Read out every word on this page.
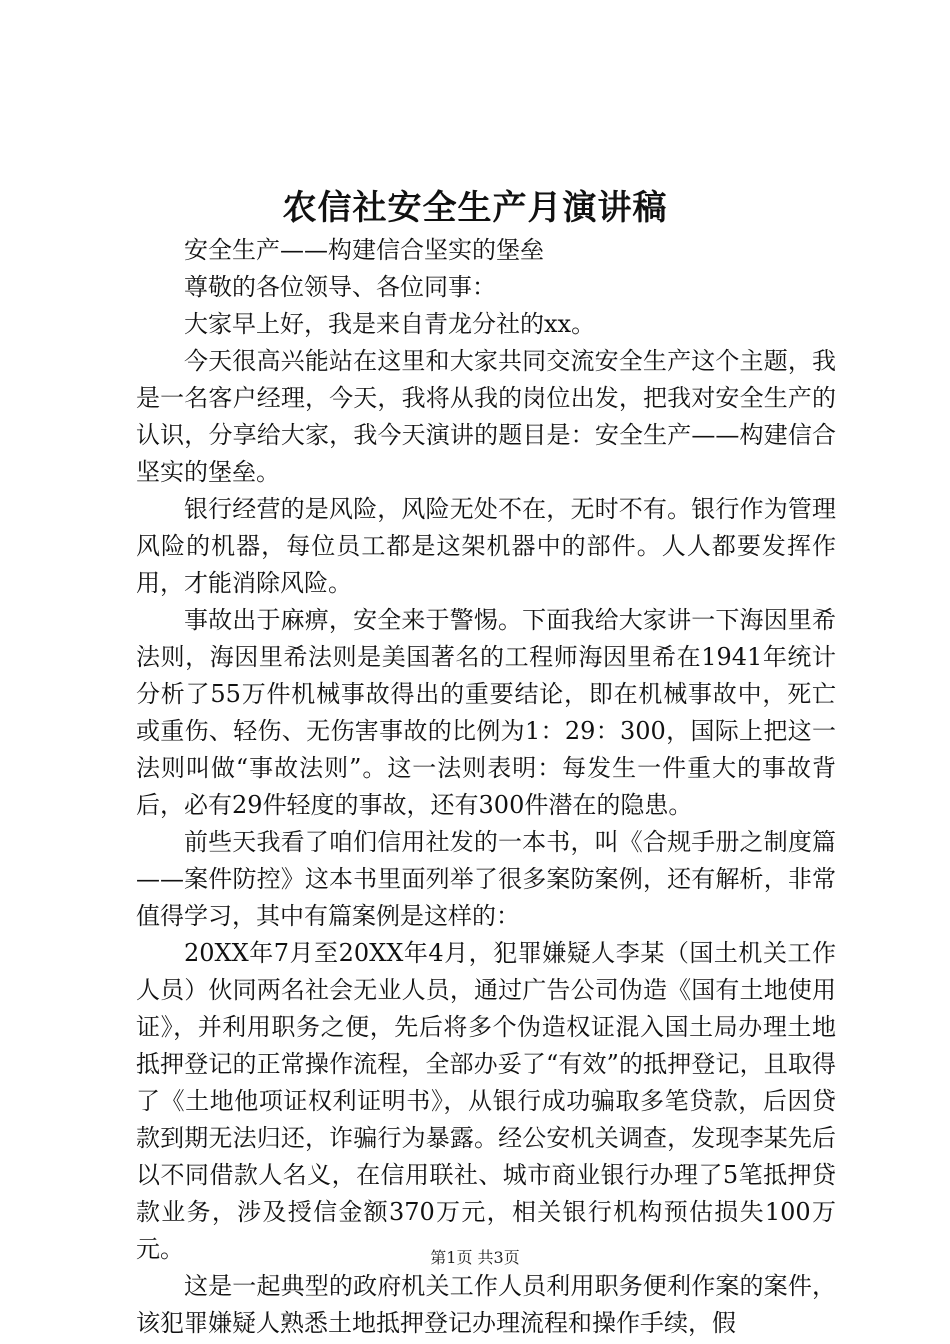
农信社安全生产月演讲稿

安全生产——构建信合坚实的堡垒

尊敬的各位领导、各位同事：

大家早上好，我是来自青龙分社的xx。

今天很高兴能站在这里和大家共同交流安全生产这个主题，我是一名客户经理，今天，我将从我的岗位出发，把我对安全生产的认识，分享给大家，我今天演讲的题目是：安全生产——构建信合坚实的堡垒。

银行经营的是风险，风险无处不在，无时不有。银行作为管理风险的机器，每位员工都是这架机器中的部件。人人都要发挥作用，才能消除风险。

事故出于麻痹，安全来于警惕。下面我给大家讲一下海因里希法则，海因里希法则是美国著名的工程师海因里希在1941年统计分析了55万件机械事故得出的重要结论，即在机械事故中，死亡或重伤、轻伤、无伤害事故的比例为1：29：300，国际上把这一法则叫做“事故法则”。这一法则表明：每发生一件重大的事故背后，必有29件轻度的事故，还有300件潜在的隐患。

前些天我看了咱们信用社发的一本书，叫《合规手册之制度篇——案件防控》这本书里面列举了很多案防案例，还有解析，非常值得学习，其中有篇案例是这样的：

20XX年7月至20XX年4月，犯罪嫌疑人李某（国土机关工作人员）伙同两名社会无业人员，通过广告公司伪造《国有土地使用证》，并利用职务之便，先后将多个伪造权证混入国土局办理土地抵押登记的正常操作流程，全部办妥了“有效”的抵押登记，且取得了《土地他项证权利证明书》，从银行成功骗取多笔贷款，后因贷款到期无法归还，诈骗行为暴露。经公安机关调查，发现李某先后以不同借款人名义，在信用联社、城市商业银行办理了5笔抵押贷款业务，涉及授信金额370万元，相关银行机构预估损失100万元。

这是一起典型的政府机关工作人员利用职务便利作案的案件，该犯罪嫌疑人熟悉土地抵押登记办理流程和操作手续，假

第1页 共3页
